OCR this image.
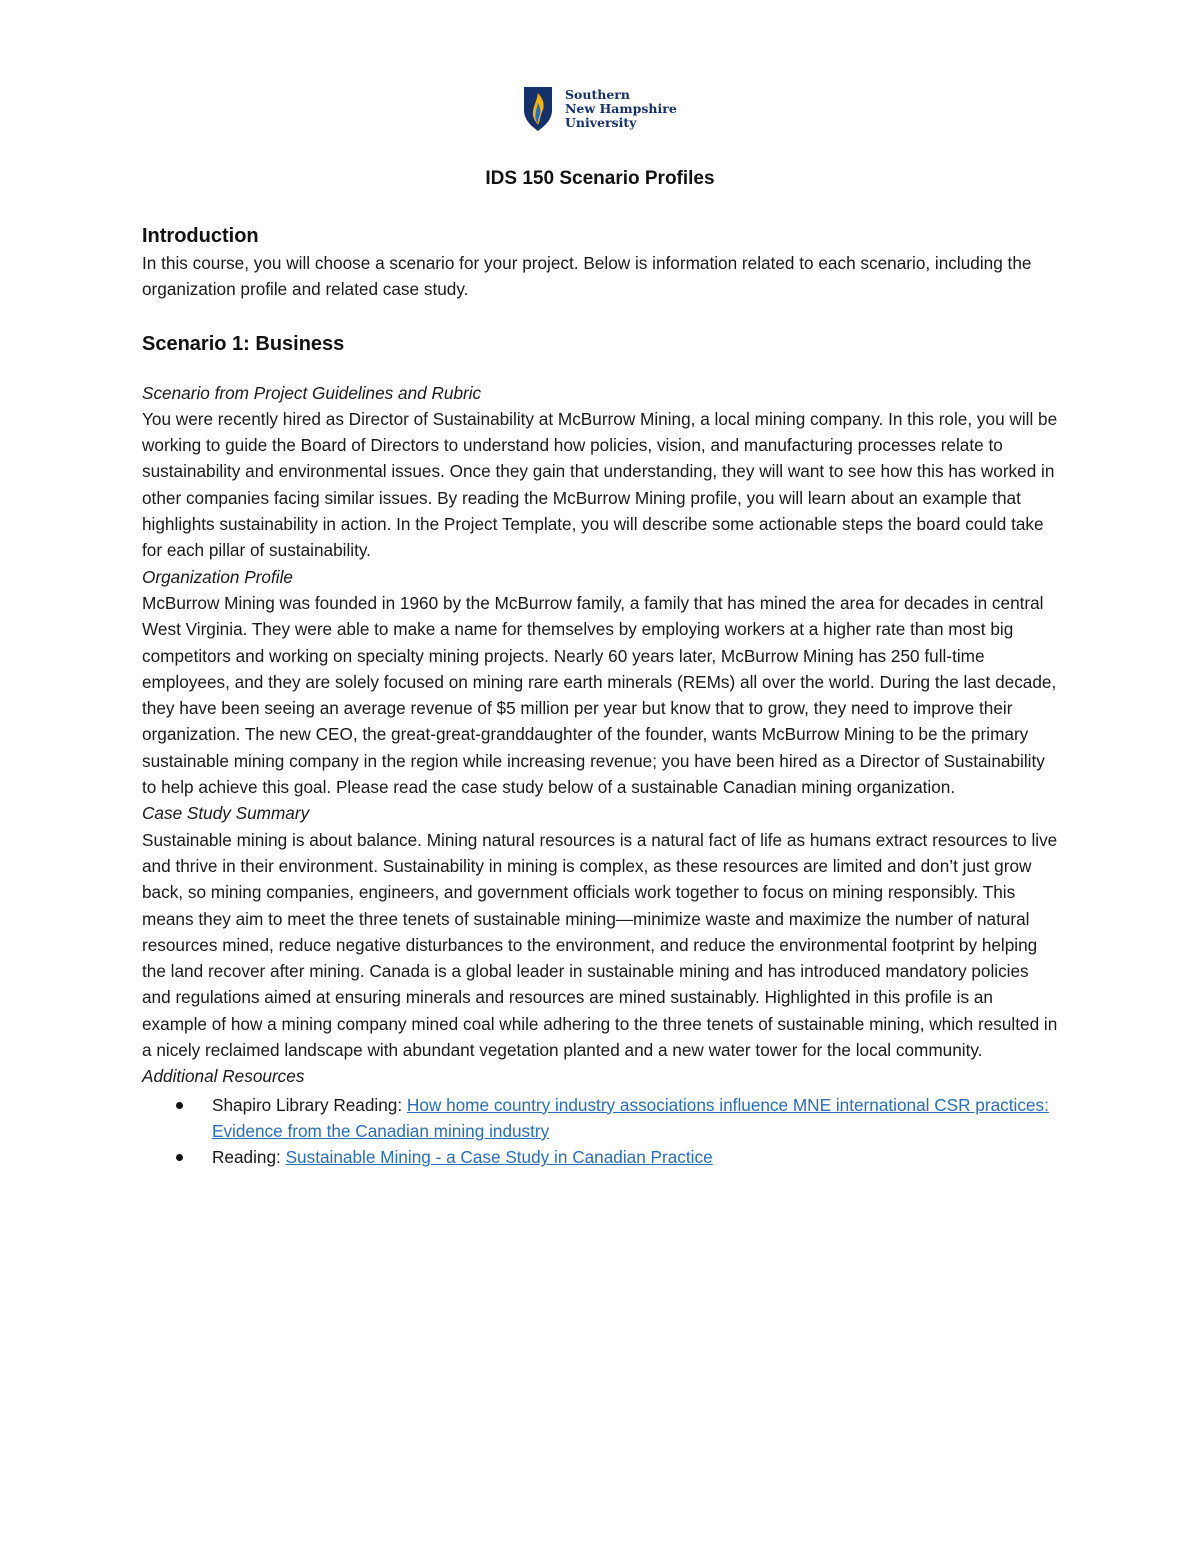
Southern
New Hampshire
University
IDS 150 Scenario Profiles
Introduction

In this course, you will choose a scenario for your project. Below is information related to each scenario, including the organization profile and related case study.

Scenario 1: Business

Scenario from Project Guidelines and Rubric

You were recently hired as Director of Sustainability at McBurrow Mining, a local mining company. In this role, you will be working to guide the Board of Directors to understand how policies, vision, and manufacturing processes relate to sustainability and environmental issues. Once they gain that understanding, they will want to see how this has worked in other companies facing similar issues. By reading the McBurrow Mining profile, you will learn about an example that highlights sustainability in action. In the Project Template, you will describe some actionable steps the board could take for each pillar of sustainability.

Organization Profile

McBurrow Mining was founded in 1960 by the McBurrow family, a family that has mined the area for decades in central West Virginia. They were able to make a name for themselves by employing workers at a higher rate than most big competitors and working on specialty mining projects. Nearly 60 years later, McBurrow Mining has 250 full-time employees, and they are solely focused on mining rare earth minerals (REMs) all over the world. During the last decade, they have been seeing an average revenue of $5 million per year but know that to grow, they need to improve their organization. The new CEO, the great-great-granddaughter of the founder, wants McBurrow Mining to be the primary sustainable mining company in the region while increasing revenue; you have been hired as a Director of Sustainability to help achieve this goal. Please read the case study below of a sustainable Canadian mining organization.

Case Study Summary

Sustainable mining is about balance. Mining natural resources is a natural fact of life as humans extract resources to live and thrive in their environment. Sustainability in mining is complex, as these resources are limited and don’t just grow back, so mining companies, engineers, and government officials work together to focus on mining responsibly. This means they aim to meet the three tenets of sustainable mining—minimize waste and maximize the number of natural resources mined, reduce negative disturbances to the environment, and reduce the environmental footprint by helping the land recover after mining. Canada is a global leader in sustainable mining and has introduced mandatory policies and regulations aimed at ensuring minerals and resources are mined sustainably. Highlighted in this profile is an example of how a mining company mined coal while adhering to the three tenets of sustainable mining, which resulted in a nicely reclaimed landscape with abundant vegetation planted and a new water tower for the local community.

Additional Resources

Shapiro Library Reading: How home country industry associations influence MNE international CSR practices: Evidence from the Canadian mining industry
Reading: Sustainable Mining - a Case Study in Canadian Practice
